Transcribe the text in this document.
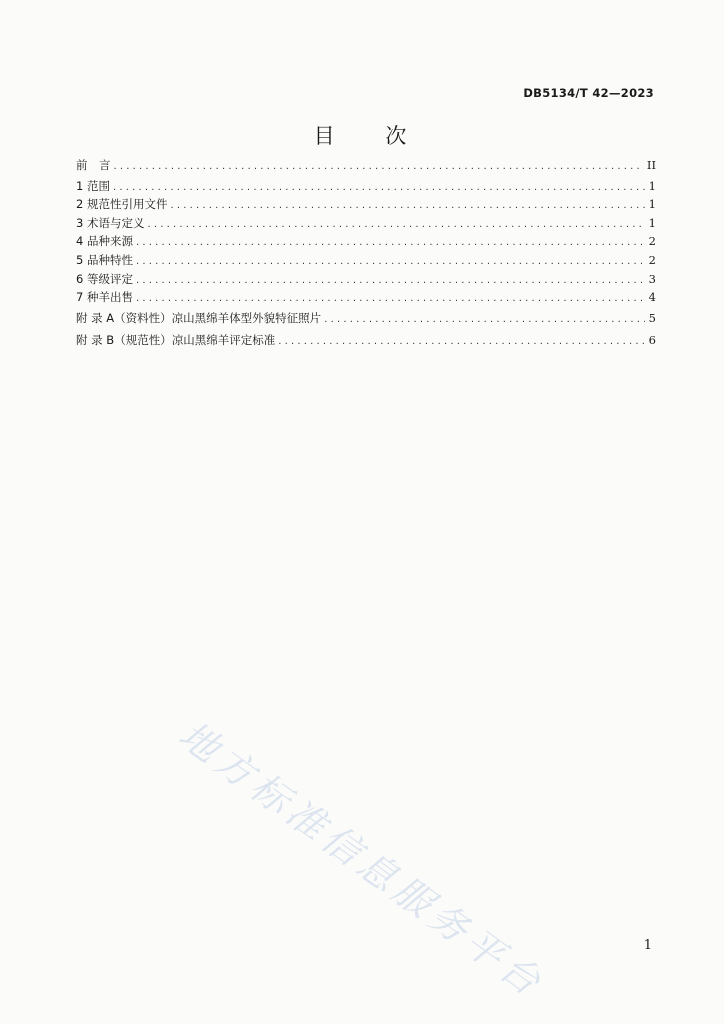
DB5134/T 42—2023
目 次
前　言 .....	II
1 范围 .....	1
2 规范性引用文件 .....	1
3 术语与定义 .....	1
4 品种来源 .....	2
5 品种特性 .....	2
6 等级评定 .....	3
7 种羊出售 .....	4
附 录 A（资料性）凉山黑绵羊体型外貌特征照片 .....	5
附 录 B（规范性）凉山黑绵羊评定标准 .....	6
地方标准信息服务平台	1
